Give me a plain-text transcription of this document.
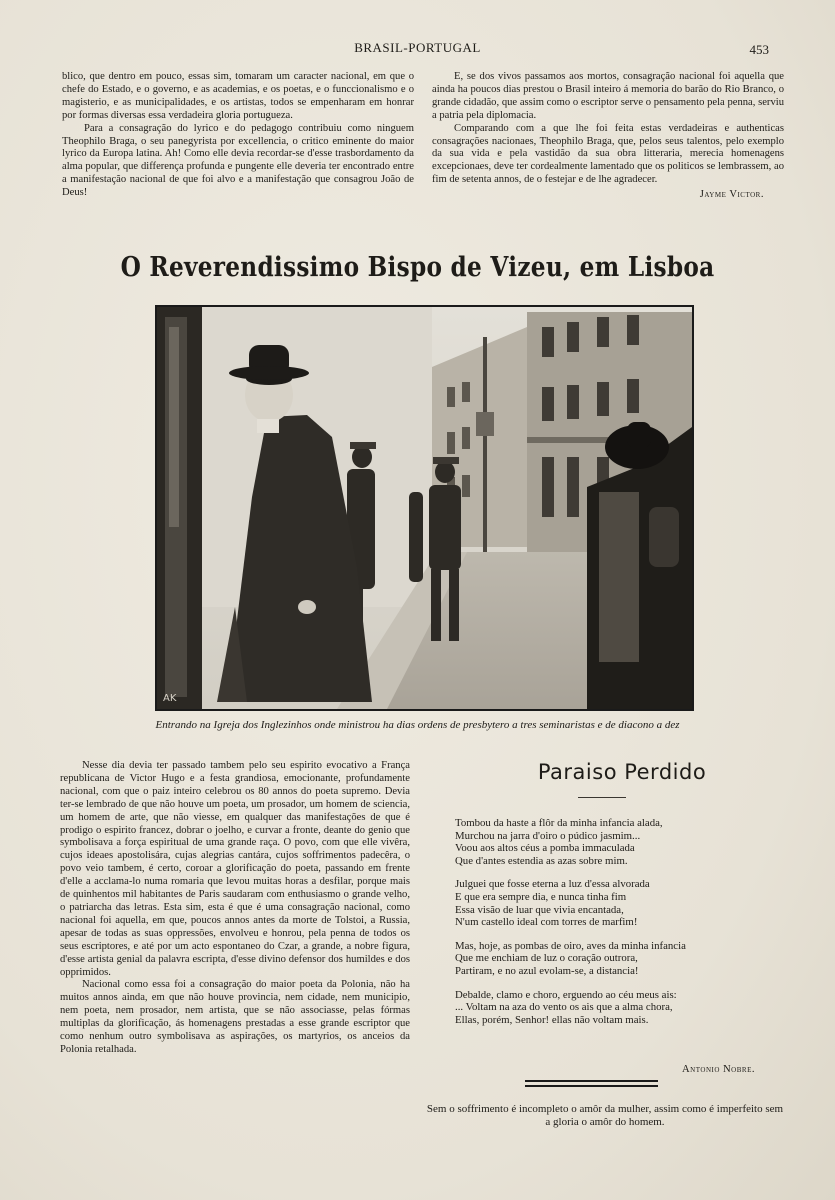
BRASIL-PORTUGAL	453

blico, que dentro em pouco, essas sim, tomaram um caracter nacional, em que o chefe do Estado, e o governo, e as academias, e os poetas, e o funccionalismo e o magisterio, e as municipalidades, e os artistas, todos se empenharam em honrar por formas diversas essa verdadeira gloria portugueza.

Para a consagração do lyrico e do pedagogo contribuiu como ninguem Theophilo Braga, o seu panegyrista por excellencia, o critico eminente do maior lyrico da Europa latina. Ah! Como elle devia recordar-se d'esse trasbordamento da alma popular, que differença profunda e pungente elle deveria ter encontrado entre a manifestação nacional de que foi alvo e a manifestação que consagrou João de Deus!

E, se dos vivos passamos aos mortos, consagração nacional foi aquella que ainda ha poucos dias prestou o Brasil inteiro á memoria do barão do Rio Branco, o grande cidadão, que assim como o escriptor serve o pensamento pela penna, serviu a patria pela diplomacia.

Comparando com a que lhe foi feita estas verdadeiras e authenticas consagrações nacionaes, Theophilo Braga, que, pelos seus talentos, pelo exemplo da sua vida e pela vastidão da sua obra litteraria, merecia homenagens excepcionaes, deve ter cordealmente lamentado que os politicos se lembrassem, ao fim de setenta annos, de o festejar e de lhe agradecer.

Jayme Victor.
O Reverendissimo Bispo de Vizeu, em Lisboa
AK
Entrando na Igreja dos Inglezinhos onde ministrou ha dias ordens de presbytero a tres seminaristas e de diacono a dez

Nesse dia devia ter passado tambem pelo seu espirito evocativo a França republicana de Victor Hugo e a festa grandiosa, emocionante, profundamente nacional, com que o paiz inteiro celebrou os 80 annos do poeta supremo. Devia ter-se lembrado de que não houve um poeta, um prosador, um homem de sciencia, um homem de arte, que não viesse, em qualquer das manifestações de que é prodigo o espirito francez, dobrar o joelho, e curvar a fronte, deante do genio que symbolisava a força espiritual de uma grande raça. O povo, com que elle vivêra, cujos ideaes apostolisára, cujas alegrias cantára, cujos soffrimentos padecêra, o povo veio tambem, é certo, coroar a glorificação do poeta, passando em frente d'elle a acclama-lo numa romaria que levou muitas horas a desfilar, porque mais de quinhentos mil habitantes de Paris saudaram com enthusiasmo o grande velho, o patriarcha das letras. Esta sim, esta é que é uma consagração nacional, como nacional foi aquella, em que, poucos annos antes da morte de Tolstoi, a Russia, apesar de todas as suas oppressões, envolveu e honrou, pela penna de todos os seus escriptores, e até por um acto espontaneo do Czar, a grande, a nobre figura, d'esse artista genial da palavra escripta, d'esse divino defensor dos humildes e dos opprimidos.

Nacional como essa foi a consagração do maior poeta da Polonia, não ha muitos annos ainda, em que não houve provincia, nem cidade, nem municipio, nem poeta, nem prosador, nem artista, que se não associasse, pelas fórmas multiplas da glorificação, ás homenagens prestadas a esse grande escriptor que como nenhum outro symbolisava as aspirações, os martyrios, os anceios da Polonia retalhada.

Paraiso Perdido
Tombou da haste a flôr da minha infancia alada,
Murchou na jarra d'oiro o púdico jasmim...
Voou aos altos céus a pomba immaculada
Que d'antes estendia as azas sobre mim.
Julguei que fosse eterna a luz d'essa alvorada
E que era sempre dia, e nunca tinha fim
Essa visão de luar que vivia encantada,
N'um castello ideal com torres de marfim!
Mas, hoje, as pombas de oiro, aves da minha infancia
Que me enchiam de luz o coração outrora,
Partiram, e no azul evolam-se, a distancia!
Debalde, clamo e choro, erguendo ao céu meus ais:
... Voltam na aza do vento os ais que a alma chora,
Ellas, porém, Senhor! ellas não voltam mais.
Antonio Nobre.
Sem o soffrimento é incompleto o amôr da mulher, assim como é imperfeito sem a gloria o amôr do homem.
